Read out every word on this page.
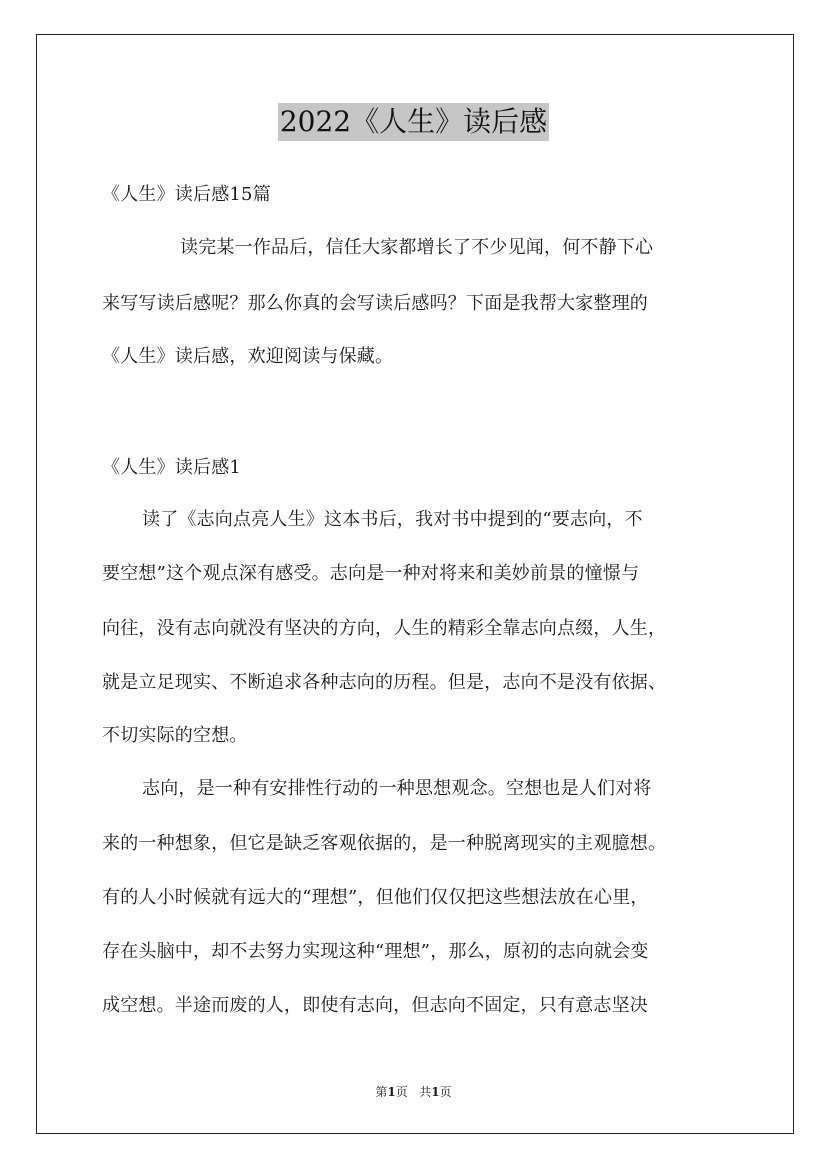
2022《人生》读后感
《人生》读后感15篇
读完某一作品后，信任大家都增长了不少见闻，何不静下心
来写写读后感呢？那么你真的会写读后感吗？下面是我帮大家整理的
《人生》读后感，欢迎阅读与保藏。
《人生》读后感1
读了《志向点亮人生》这本书后，我对书中提到的“要志向，不
要空想”这个观点深有感受。志向是一种对将来和美妙前景的憧憬与
向往，没有志向就没有坚决的方向，人生的精彩全靠志向点缀，人生，
就是立足现实、不断追求各种志向的历程。但是，志向不是没有依据、
不切实际的空想。
志向，是一种有安排性行动的一种思想观念。空想也是人们对将
来的一种想象，但它是缺乏客观依据的，是一种脱离现实的主观臆想。
有的人小时候就有远大的“理想”，但他们仅仅把这些想法放在心里，
存在头脑中，却不去努力实现这种“理想”，那么，原初的志向就会变
成空想。半途而废的人，即使有志向，但志向不固定，只有意志坚决
第1页 共1页
